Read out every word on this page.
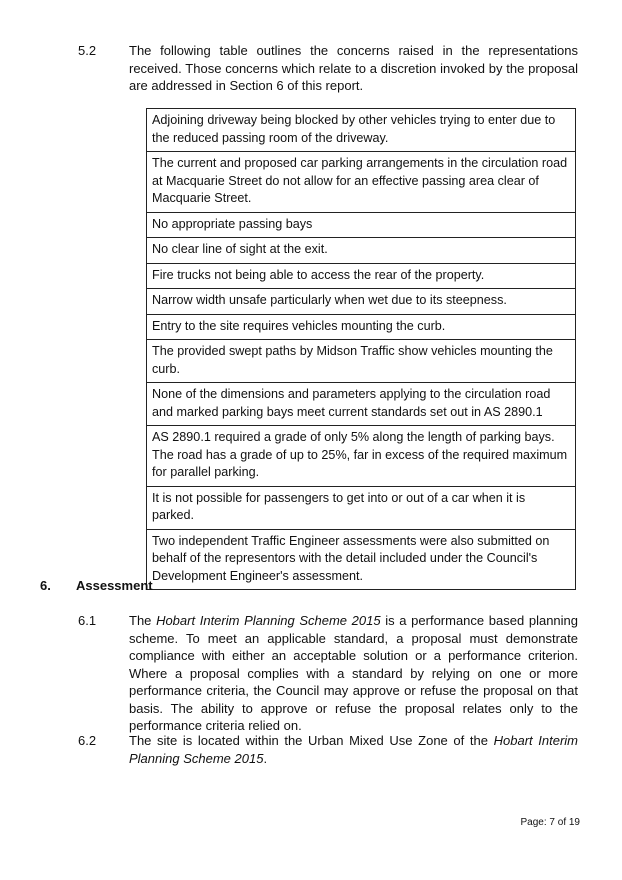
5.2	The following table outlines the concerns raised in the representations received. Those concerns which relate to a discretion invoked by the proposal are addressed in Section 6 of this report.
Adjoining driveway being blocked by other vehicles trying to enter due to the reduced passing room of the driveway.
The current and proposed car parking arrangements in the circulation road at Macquarie Street do not allow for an effective passing area clear of Macquarie Street.
No appropriate passing bays
No clear line of sight at the exit.
Fire trucks not being able to access the rear of the property.
Narrow width unsafe particularly when wet due to its steepness.
Entry to the site requires vehicles mounting the curb.
The provided swept paths by Midson Traffic show vehicles mounting the curb.
None of the dimensions and parameters applying to the circulation road and marked parking bays meet current standards set out in AS 2890.1
AS 2890.1 required a grade of only 5% along the length of parking bays. The road has a grade of up to 25%, far in excess of the required maximum for parallel parking.
It is not possible for passengers to get into or out of a car when it is parked.
Two independent Traffic Engineer assessments were also submitted on behalf of the representors with the detail included under the Council's Development Engineer's assessment.
6. Assessment
6.1	The Hobart Interim Planning Scheme 2015 is a performance based planning scheme. To meet an applicable standard, a proposal must demonstrate compliance with either an acceptable solution or a performance criterion. Where a proposal complies with a standard by relying on one or more performance criteria, the Council may approve or refuse the proposal on that basis. The ability to approve or refuse the proposal relates only to the performance criteria relied on.
6.2	The site is located within the Urban Mixed Use Zone of the Hobart Interim Planning Scheme 2015.
Page: 7 of 19
